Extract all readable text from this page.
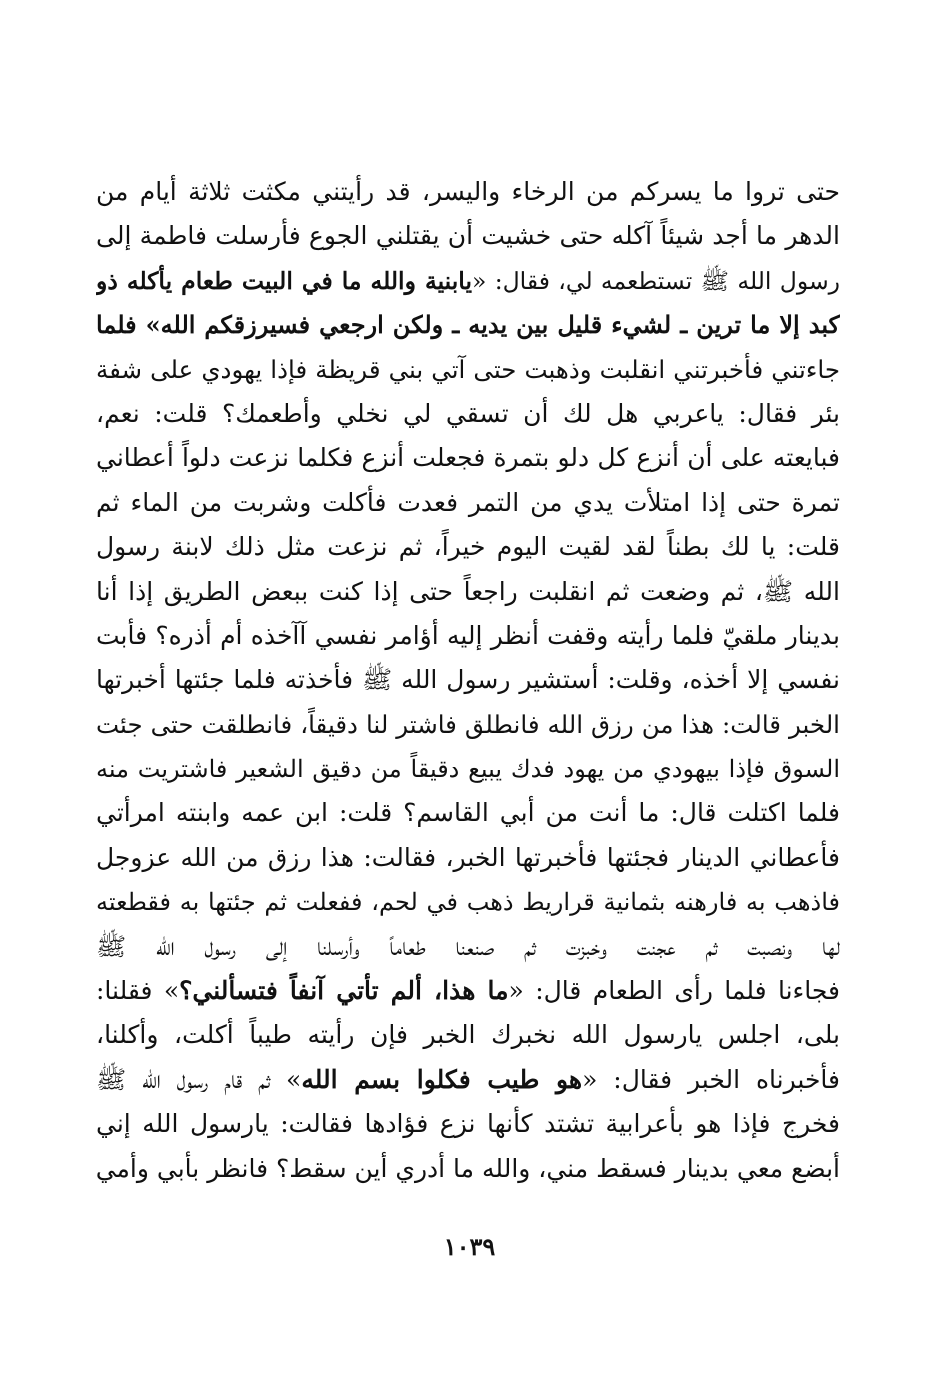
حتى تروا ما يسركم من الرخاء واليسر، قد رأيتني مكثت ثلاثة أيام من
الدهر ما أجد شيئاً آكله حتى خشيت أن يقتلني الجوع فأرسلت فاطمة إلى
رسول الله ﷺ تستطعمه لي، فقال: «يابنية والله ما في البيت طعام يأكله ذو
كبد إلا ما ترين ـ لشيء قليل بين يديه ـ ولكن ارجعي فسيرزقكم الله» فلما
جاءتني فأخبرتني انقلبت وذهبت حتى آتي بني قريظة فإذا يهودي على شفة
بئر فقال: ياعربي هل لك أن تسقي لي نخلي وأطعمك؟ قلت: نعم،
فبايعته على أن أنزع كل دلو بتمرة فجعلت أنزع فكلما نزعت دلواً أعطاني
تمرة حتى إذا امتلأت يدي من التمر فعدت فأكلت وشربت من الماء ثم
قلت: يا لك بطناً لقد لقيت اليوم خيراً، ثم نزعت مثل ذلك لابنة رسول
الله ﷺ، ثم وضعت ثم انقلبت راجعاً حتى إذا كنت ببعض الطريق إذا أنا
بدينار ملقيّ فلما رأيته وقفت أنظر إليه أؤامر نفسي آآخذه أم أذره؟ فأبت
نفسي إلا أخذه، وقلت: أستشير رسول الله ﷺ فأخذته فلما جئتها أخبرتها
الخبر قالت: هذا من رزق الله فانطلق فاشتر لنا دقيقاً، فانطلقت حتى جئت
السوق فإذا بيهودي من يهود فدك يبيع دقيقاً من دقيق الشعير فاشتريت منه
فلما اكتلت قال: ما أنت من أبي القاسم؟ قلت: ابن عمه وابنته امرأتي
فأعطاني الدينار فجئتها فأخبرتها الخبر، فقالت: هذا رزق من الله عزوجل
فاذهب به فارهنه بثمانية قراريط ذهب في لحم، ففعلت ثم جئتها به فقطعته
لها ونصبت ثم عجنت وخبزت ثم صنعنا طعاماً وأرسلنا إلى رسول الله ﷺ
فجاءنا فلما رأى الطعام قال: «ما هذا، ألم تأتي آنفاً فتسألني؟» فقلنا:
بلى، اجلس يارسول الله نخبرك الخبر فإن رأيته طيباً أكلت، وأكلنا،
فأخبرناه الخبر فقال: «هو طيب فكلوا بسم الله» ثم قام رسول الله ﷺ
فخرج فإذا هو بأعرابية تشتد كأنها نزع فؤادها فقالت: يارسول الله إني
أبضع معي بدينار فسقط مني، والله ما أدري أين سقط؟ فانظر بأبي وأمي
١٠٣٩
